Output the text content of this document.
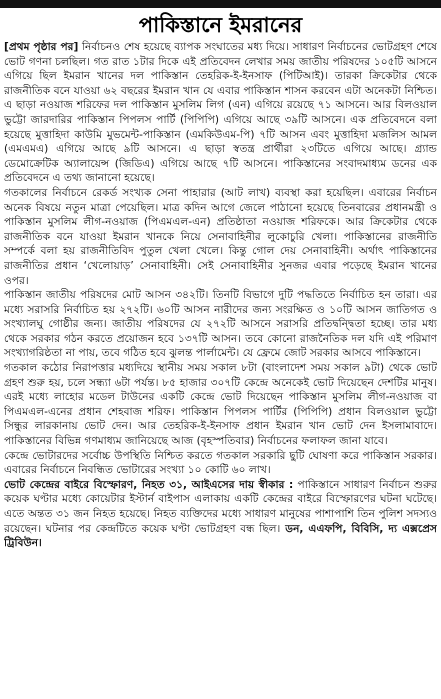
পাকিস্তানে ইমরানের

[প্রথম পৃষ্ঠার পর] নির্বাচনও শেষ হয়েছে ব্যাপক সংঘাতের মধ্য দিয়ে। সাধারণ নির্বাচনের ভোটগ্রহণ শেষে ভোট গণনা চলছিল। গত রাত ১টার দিকে এই প্রতিবেদন লেখার সময় জাতীয় পরিষদের ১০৫টি আসনে এগিয়ে ছিল ইমরান খানের দল পাকিস্তান তেহরিক-ই-ইনসাফ (পিটিআই)। তারকা ক্রিকেটার থেকে রাজনীতিক বনে যাওয়া ৬২ বছরের ইমরান খান যে এবার পাকিস্তান শাসন করবেন এটা অনেকটা নিশ্চিত। এ ছাড়া নওয়াজ শরিফের দল পাকিস্তান মুসলিম লিগ (এন) এগিয়ে রয়েছে ৭১ আসনে। আর বিলওয়াল ভুট্টো জারদারির পাকিস্তান পিপলস পার্টি (পিপিপি) এগিয়ে আছে ৩৯টি আসনে। এক প্রতিবেদনে বলা হয়েছে মুত্তাহিদা কাউমি মুভমেন্ট-পাকিস্তান (এমকিউএম-পি) ৭টি আসন এবং মুত্তাহিদা মজলিস আমল (এমএমএ) এগিয়ে আছে ৯টি আসনে। এ ছাড়া স্বতন্ত্র প্রার্থীরা ২৩টিতে এগিয়ে আছে। গ্র্যান্ড ডেমোক্রেটিক অ্যালায়েন্স (জিডিএ) এগিয়ে আছে ৭টি আসনে। পাকিস্তানের সংবাদমাধ্যম ডনের এক প্রতিবেদনে এ তথ্য জানানো হয়েছে।

গতকালের নির্বাচনে রেকর্ড সংখ্যক সেনা পাহারার (আট লাখ) ব্যবস্থা করা হয়েছিল। এবারের নির্বাচন অনেক বিষয়ে নতুন মাত্রা পেয়েছিল। মাত্র কদিন আগে জেলে পাঠানো হয়েছে তিনবারের প্রধানমন্ত্রী ও পাকিস্তান মুসলিম লীগ-নওয়াজ (পিএমএল-এন) প্রতিষ্ঠাতা নওয়াজ শরিফকে। আর ক্রিকেটার থেকে রাজনীতিক বনে যাওয়া ইমরান খানকে নিয়ে সেনাবাহিনীর লুকোচুরি খেলা। পাকিস্তানের রাজনীতি সম্পর্কে বলা হয় রাজনীতিবিদ পুতুল খেলা খেলে। কিন্তু গোল দেয় সেনাবাহিনী। অর্থাৎ পাকিস্তানের রাজনীতির প্রধান ‘খেলোয়াড়’ সেনাবাহিনী। সেই সেনাবাহিনীর সুনজর এবার পড়েছে ইমরান খানের ওপর।

পাকিস্তান জাতীয় পরিষদের মোট আসন ৩৪২টি। তিনটি বিভাগে দুটি পদ্ধতিতে নির্বাচিত হন তারা। এর মধ্যে সরাসরি নির্বাচিত হয় ২৭২টি। ৬০টি আসন নারীদের জন্য সংরক্ষিত ও ১০টি আসন জাতিগত ও সংখ্যালঘু গোষ্ঠীর জন্য। জাতীয় পরিষদের যে ২৭২টি আসনে সরাসরি প্রতিদ্বন্দ্বিতা হচ্ছে। তার মধ্য থেকে সরকার গঠন করতে প্রয়োজন হবে ১৩৭টি আসন। তবে কোনো রাজনৈতিক দল যদি এই পরিমাণ সংখ্যাগরিষ্ঠতা না পায়, তবে গঠিত হবে ঝুলন্ত পার্লামেন্ট। যে ফ্রেমে জোট সরকার আসবে পাকিস্তানে।

গতকাল কঠোর নিরাপত্তার মধ্যদিয়ে স্থানীয় সময় সকাল ৮টা (বাংলাদেশ সময় সকাল ৯টা) থেকে ভোট গ্রহণ শুরু হয়, চলে সন্ধ্যা ৬টা পর্যন্ত। ৮৫ হাজার ৩০৭টি কেন্দ্রে অনেকেই ভোট দিয়েছেন দেশটির মানুষ। এরই মধ্যে লাহোর মডেল টাউনের একটি কেন্দ্রে ভোট দিয়েছেন পাকিস্তান মুসলিম লীগ-নওয়াজ বা পিএমএল-এনের প্রধান শেহবাজ শরিফ। পাকিস্তান পিপলস পার্টির (পিপিপি) প্রধান বিলওয়াল ভুট্টো সিন্ধুর লারকানায় ভোট দেন। আর তেহরিক-ই-ইনসাফ প্রধান ইমরান খান ভোট দেন ইসলামাবাদে। পাকিস্তানের বিভিন্ন গণমাধ্যম জানিয়েছে আজ (বৃহস্পতিবার) নির্বাচনের ফলাফল জানা যাবে।

কেন্দ্রে ভোটারদের সর্বোচ্চ উপস্থিতি নিশ্চিত করতে গতকাল সরকারি ছুটি ঘোষণা করে পাকিস্তান সরকার। এবারের নির্বাচনে নিবন্ধিত ভোটারের সংখ্যা ১০ কোটি ৬০ লাখ।

ভোট কেন্দ্রের বাইরে বিস্ফোরণ, নিহত ৩১, আইএসের দায় স্বীকার : পাকিস্তানে সাধারণ নির্বাচন শুরুর কয়েক ঘণ্টার মধ্যে কোয়েটার ইস্টার্ন বাইপাস এলাকায় একটি কেন্দ্রের বাইরে বিস্ফোরণের ঘটনা ঘটেছে। এতে অন্তত ৩১ জন নিহত হয়েছে। নিহত ব্যক্তিদের মধ্যে সাধারণ মানুষের পাশাপাশি তিন পুলিশ সদস্যও রয়েছেন। ঘটনার পর কেন্দ্রটিতে কয়েক ঘণ্টা ভোটগ্রহণ বন্ধ ছিল। ডন, এএফপি, বিবিসি, দ্য এক্সপ্রেস ট্রিবিউন।
